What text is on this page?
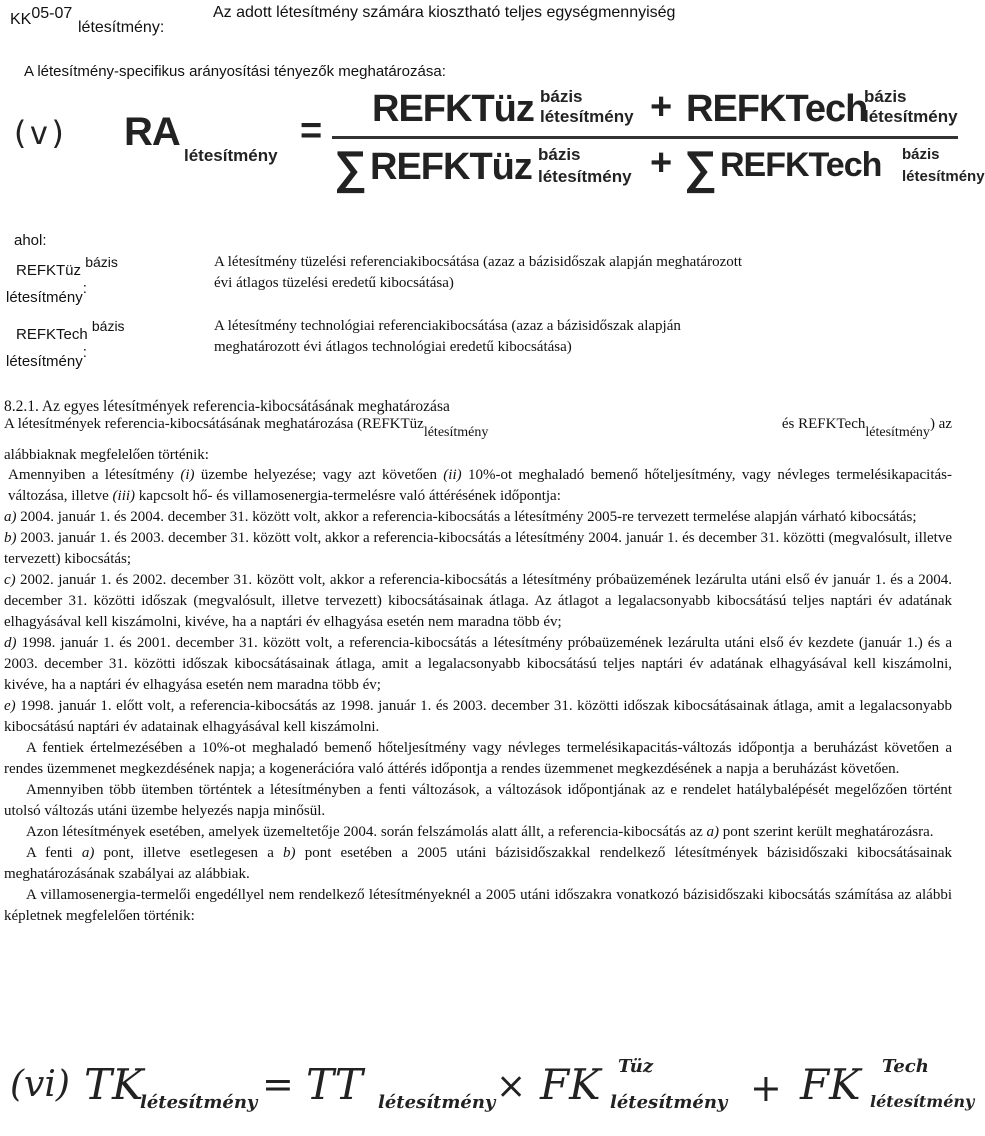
KK$^{05-07}$
létesítmény:
Az adott létesítmény számára kiosztható teljes egységmennyiség
A létesítmény-specifikus arányosítási tényezők meghatározása:
(v) RA
létesítmény
=
REFKTüz bázis
létesítmény + REFKTech
bázis
létesítmény
∑ REFKTüz bázis
létesítmény + ∑ REFKTech bázis
létesítmény
ahol:
REFKTüz bázis
létesítmény:
A létesítmény tüzelési referenciakibocsátása (azaz a bázisidőszak alapján meghatározott
évi átlagos tüzelési eredetű kibocsátása)
REFKTech bázis
létesítmény:
A létesítmény technológiai referenciakibocsátása (azaz a bázisidőszak alapján
meghatározott évi átlagos technológiai eredetű kibocsátása)
8.2.1. Az egyes létesítmények referencia-kibocsátásának meghatározása
A létesítmények referencia-kibocsátásának meghatározása (REFKTüz$_{létesítmény}$
és REFKTech$_{létesítmény}$) az
alábbiaknak megfelelően történik:
Amennyiben a létesítmény (i) üzembe helyezése; vagy azt követően (ii) 10%-ot meghaladó bemenő hőteljesítmény, vagy névleges termelésikapacitás-változása, illetve (iii) kapcsolt hő- és villamosenergia-termelésre való áttérésének időpontja:
a) 2004. január 1. és 2004. december 31. között volt, akkor a referencia-kibocsátás a létesítmény 2005-re tervezett termelése alapján várható kibocsátás;
b) 2003. január 1. és 2003. december 31. között volt, akkor a referencia-kibocsátás a létesítmény 2004. január 1. és december 31. közötti (megvalósult, illetve tervezett) kibocsátás;
c) 2002. január 1. és 2002. december 31. között volt, akkor a referencia-kibocsátás a létesítmény próbaüzemének lezárulta utáni első év január 1. és a 2004. december 31. közötti időszak (megvalósult, illetve tervezett) kibocsátásainak átlaga. Az átlagot a legalacsonyabb kibocsátású teljes naptári év adatának elhagyásával kell kiszámolni, kivéve, ha a naptári év elhagyása esetén nem maradna több év;
d) 1998. január 1. és 2001. december 31. között volt, a referencia-kibocsátás a létesítmény próbaüzemének lezárulta utáni első év kezdete (január 1.) és a 2003. december 31. közötti időszak kibocsátásainak átlaga, amit a legalacsonyabb kibocsátású teljes naptári év adatának elhagyásával kell kiszámolni, kivéve, ha a naptári év elhagyása esetén nem maradna több év;
e) 1998. január 1. előtt volt, a referencia-kibocsátás az 1998. január 1. és 2003. december 31. közötti időszak kibocsátásainak átlaga, amit a legalacsonyabb kibocsátású naptári év adatainak elhagyásával kell kiszámolni.
A fentiek értelmezésében a 10%-ot meghaladó bemenő hőteljesítmény vagy névleges termelésikapacitás-változás időpontja a beruházást követően a rendes üzemmenet megkezdésének napja; a kogenerációra való áttérés időpontja a rendes üzemmenet megkezdésének a napja a beruházást követően.
Amennyiben több ütemben történtek a létesítményben a fenti változások, a változások időpontjának az e rendelet hatálybalépését megelőzően történt utolsó változás utáni üzembe helyezés napja minősül.
Azon létesítmények esetében, amelyek üzemeltetője 2004. során felszámolás alatt állt, a referencia-kibocsátás az a) pont szerint került meghatározásra.
A fenti a) pont, illetve esetlegesen a b) pont esetében a 2005 utáni bázisidőszakkal rendelkező létesítmények bázisidőszaki kibocsátásainak meghatározásának szabályai az alábbiak.
A villamosenergia-termelői engedéllyel nem rendelkező létesítményeknél a 2005 utáni időszakra vonatkozó bázisidőszaki kibocsátás számítása az alábbi képletnek megfelelően történik:
(vi) TK
létesítmény = TT létesítmény × FK Tüz
létesítmény + FK Tech
létesítmény
